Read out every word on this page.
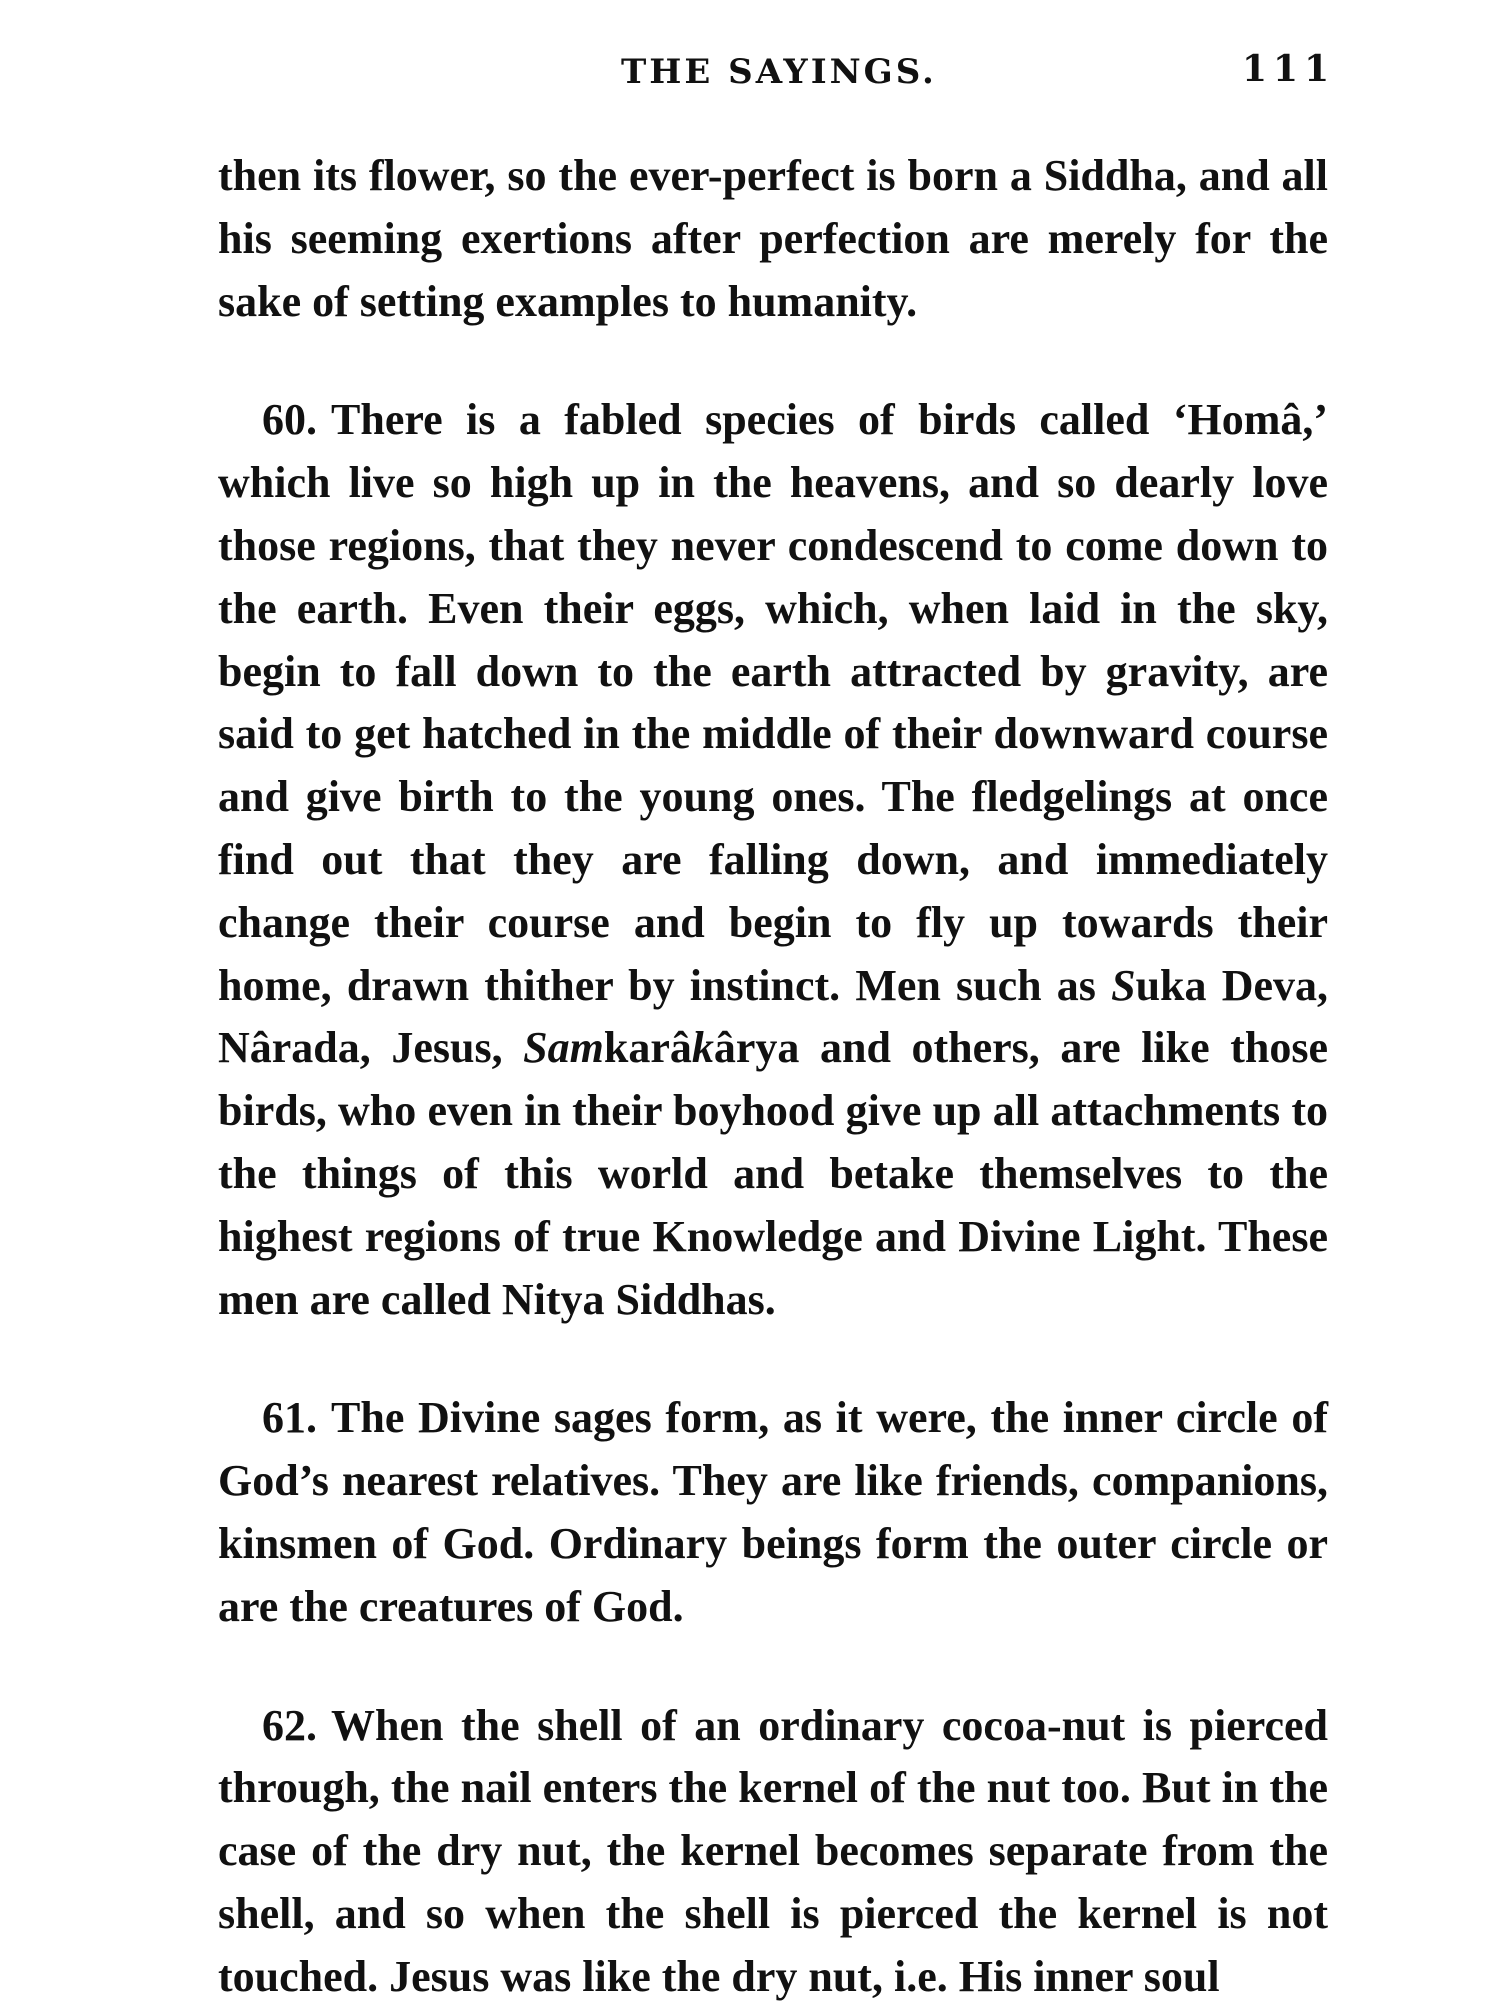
THE SAYINGS.	111

then its flower, so the ever-perfect is born a Siddha, and all his seeming exertions after perfection are merely for the sake of setting examples to humanity.

60. There is a fabled species of birds called ‘Homâ,’ which live so high up in the heavens, and so dearly love those regions, that they never condescend to come down to the earth. Even their eggs, which, when laid in the sky, begin to fall down to the earth attracted by gravity, are said to get hatched in the middle of their downward course and give birth to the young ones. The fledgelings at once find out that they are falling down, and immediately change their course and begin to fly up towards their home, drawn thither by instinct. Men such as Suka Deva, Nârada, Jesus, Samkarâkârya and others, are like those birds, who even in their boyhood give up all attachments to the things of this world and betake themselves to the highest regions of true Knowledge and Divine Light. These men are called Nitya Siddhas.

61. The Divine sages form, as it were, the inner circle of God’s nearest relatives. They are like friends, companions, kinsmen of God. Ordinary beings form the outer circle or are the creatures of God.

62. When the shell of an ordinary cocoa-nut is pierced through, the nail enters the kernel of the nut too. But in the case of the dry nut, the kernel becomes separate from the shell, and so when the shell is pierced the kernel is not touched. Jesus was like the dry nut, i.e. His inner soul
